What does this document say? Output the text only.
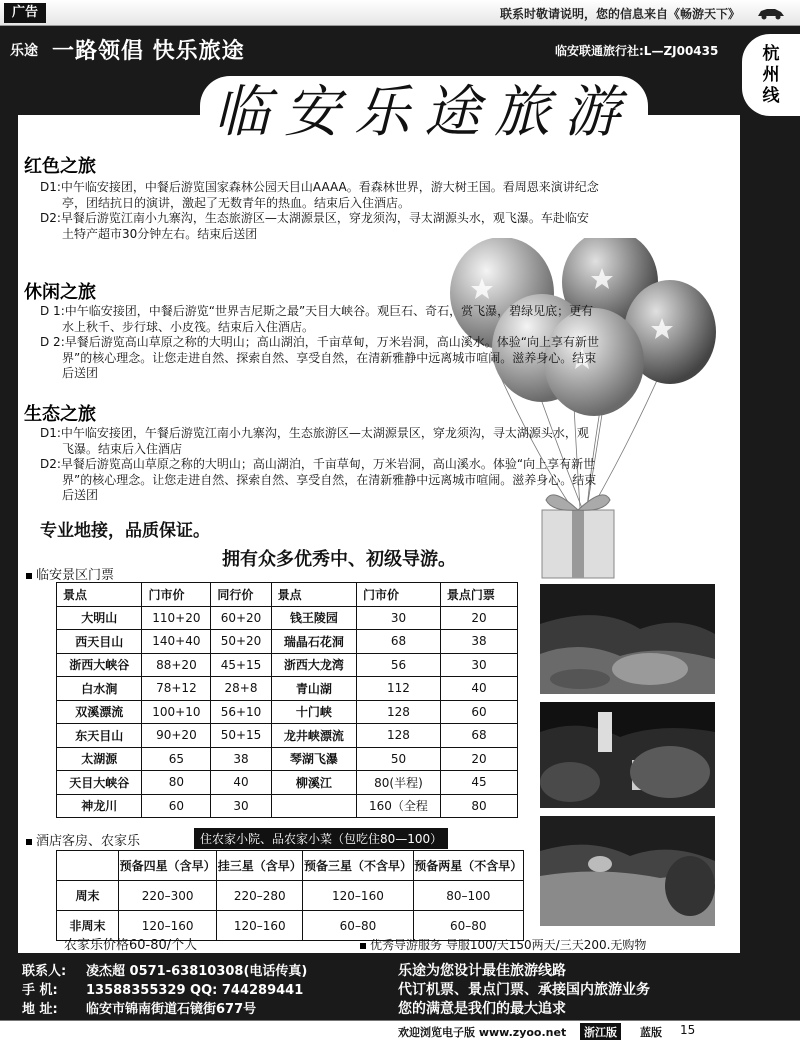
广告	联系时敬请说明，您的信息来自《畅游天下》
乐途 一路领倡 快乐旅途	临安联通旅行社:L—ZJ00435	杭
州
线
临安乐途旅游
红色之旅

D1:中午临安接团，中餐后游览国家森林公园天目山AAAA。看森林世界，游大树王国。看周恩来演讲纪念亭，团结抗日的演讲，激起了无数青年的热血。结束后入住酒店。

D2:早餐后游览江南小九寨沟，生态旅游区—太湖源景区，穿龙须沟，寻太湖源头水，观飞瀑。车赴临安土特产超市30分钟左右。结束后送团

休闲之旅

D 1:中午临安接团，中餐后游览“世界吉尼斯之最”天目大峡谷。观巨石、奇石，赏飞瀑，碧绿见底；更有水上秋千、步行球、小皮筏。结束后入住酒店。

D 2:早餐后游览高山草原之称的大明山；高山湖泊，千亩草甸，万米岩洞，高山溪水。体验“向上享有新世界”的核心理念。让您走进自然、探索自然、享受自然，在清新雅静中远离城市喧闹。滋养身心。结束后送团

生态之旅

D1:中午临安接团，午餐后游览江南小九寨沟，生态旅游区—太湖源景区，穿龙须沟，寻太湖源头水，观飞瀑。结束后入住酒店

D2:早餐后游览高山草原之称的大明山；高山湖泊，千亩草甸，万米岩洞，高山溪水。体验“向上享有新世界”的核心理念。让您走进自然、探索自然、享受自然，在清新雅静中远离城市喧闹。滋养身心。结束后送团

专业地接，品质保证。
拥有众多优秀中、初级导游。
临安景区门票
景点	门市价	同行价	景点	门市价	景点门票
大明山	110+20	60+20	钱王陵园	30	20
西天目山	140+40	50+20	瑞晶石花洞	68	38
浙西大峡谷	88+20	45+15	浙西大龙湾	56	30
白水涧	78+12	28+8	青山湖	112	40
双溪漂流	100+10	56+10	十门峡	128	60
东天目山	90+20	50+15	龙井峡漂流	128	68
太湖源	65	38	琴湖飞瀑	50	20
天目大峡谷	80	40	柳溪江	80(半程)	45
神龙川	60	30		160（全程	80
酒店客房、农家乐	住农家小院、品农家小菜（包吃住80—100）
	预备四星（含早）	挂三星（含早）	预备三星（不含早）	预备两星（不含早）
周末	220–300	220–280	120–160	80–100
非周末	120–160	120–160	60–80	60–80
农家乐价格60-80/个人	优秀导游服务 导服100/天150两天/三天200.无购物
联系人: 凌杰超 0571-63810308(电话传真)
手 机: 13588355329 QQ: 744289441
地 址: 临安市锦南街道石镜街677号
乐途为您设计最佳旅游线路
代订机票、景点门票、承接国内旅游业务
您的满意是我们的最大追求
欢迎浏览电子版 www.zyoo.net	浙江版	蓝版 15
